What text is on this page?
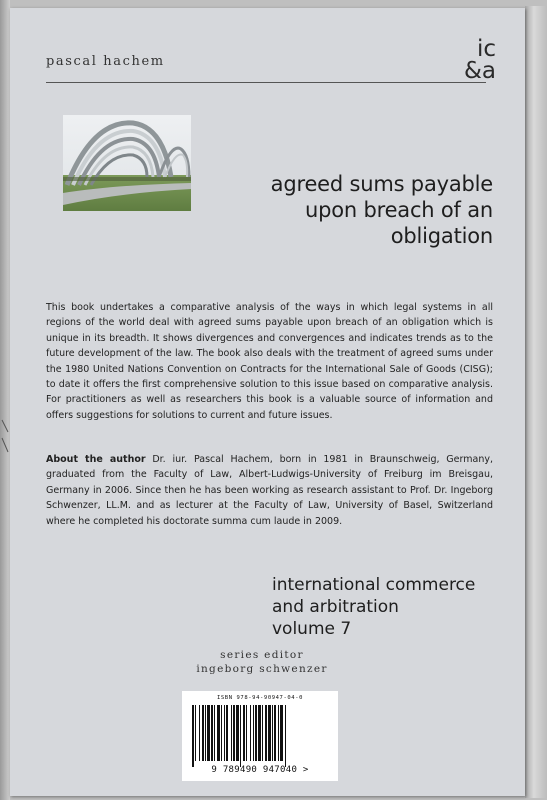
pascal hachem	ic
&a
agreed sums payable
upon breach of an
obligation
This book undertakes a comparative analysis of the ways in which legal systems in all regions of the world deal with agreed sums payable upon breach of an obligation which is unique in its breadth. It shows divergences and convergences and indicates trends as to the future development of the law. The book also deals with the treatment of agreed sums under the 1980 United Nations Convention on Contracts for the International Sale of Goods (CISG); to date it offers the first comprehensive solution to this issue based on comparative analysis. For practitioners as well as researchers this book is a valuable source of information and offers suggestions for solutions to current and future issues.
About the author Dr. iur. Pascal Hachem, born in 1981 in Braunschweig, Germany, graduated from the Faculty of Law, Albert-Ludwigs-University of Freiburg im Breisgau, Germany in 2006. Since then he has been working as research assistant to Prof. Dr. Ingeborg Schwenzer, LL.M. and as lecturer at the Faculty of Law, University of Basel, Switzerland where he completed his doctorate summa cum laude in 2009.
international commerce
and arbitration
volume 7
series editor
ingeborg schwenzer
ISBN 978-94-90947-04-0
9 789490 947040 >
